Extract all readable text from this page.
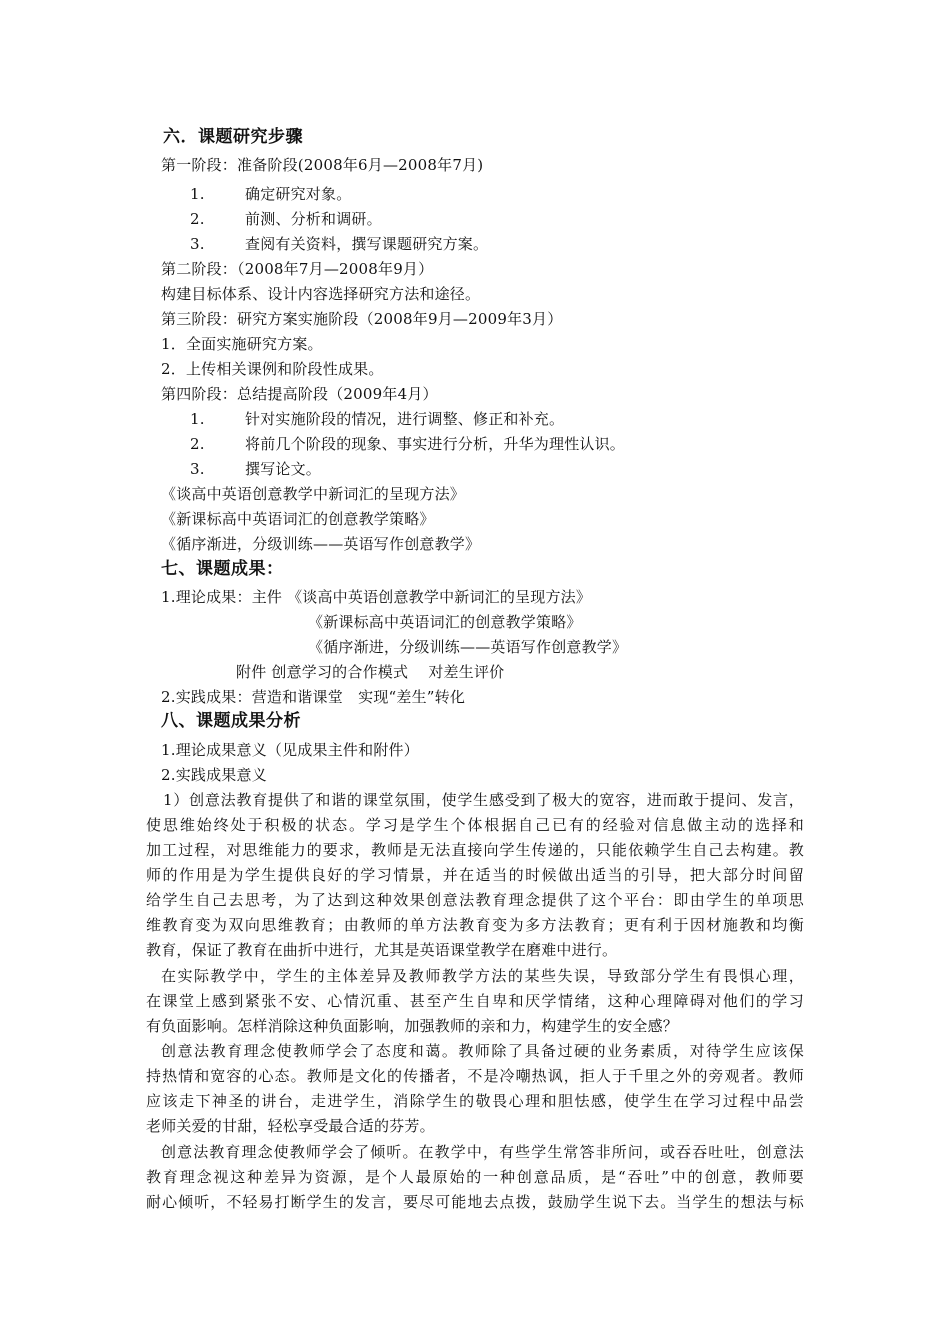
六．课题研究步骤
第一阶段：准备阶段(2008年6月—2008年7月)
1.	确定研究对象。
2.	前测、分析和调研。
3.	查阅有关资料，撰写课题研究方案。
第二阶段：（2008年7月—2008年9月）
构建目标体系、设计内容选择研究方法和途径。
第三阶段：研究方案实施阶段（2008年9月—2009年3月）
1．全面实施研究方案。
2．上传相关课例和阶段性成果。
第四阶段：总结提高阶段（2009年4月）
1.	针对实施阶段的情况，进行调整、修正和补充。
2.	将前几个阶段的现象、事实进行分析，升华为理性认识。
3.	撰写论文。
《谈高中英语创意教学中新词汇的呈现方法》
《新课标高中英语词汇的创意教学策略》
《循序渐进，分级训练——英语写作创意教学》
七、课题成果：
1.理论成果：主件 《谈高中英语创意教学中新词汇的呈现方法》
《新课标高中英语词汇的创意教学策略》
《循序渐进，分级训练——英语写作创意教学》
附件 创意学习的合作模式　 对差生评价
2.实践成果：营造和谐课堂　实现“差生”转化
八、课题成果分析
1.理论成果意义（见成果主件和附件）
2.实践成果意义
1）创意法教育提供了和谐的课堂氛围，使学生感受到了极大的宽容，进而敢于提问、发言，
使思维始终处于积极的状态。学习是学生个体根据自己已有的经验对信息做主动的选择和
加工过程，对思维能力的要求，教师是无法直接向学生传递的，只能依赖学生自己去构建。教
师的作用是为学生提供良好的学习情景，并在适当的时候做出适当的引导，把大部分时间留
给学生自己去思考，为了达到这种效果创意法教育理念提供了这个平台：即由学生的单项思
维教育变为双向思维教育；由教师的单方法教育变为多方法教育；更有利于因材施教和均衡
教育，保证了教育在曲折中进行，尤其是英语课堂教学在磨难中进行。
在实际教学中，学生的主体差异及教师教学方法的某些失误，导致部分学生有畏惧心理，
在课堂上感到紧张不安、心情沉重、甚至产生自卑和厌学情绪，这种心理障碍对他们的学习
有负面影响。怎样消除这种负面影响，加强教师的亲和力，构建学生的安全感？
创意法教育理念使教师学会了态度和蔼。教师除了具备过硬的业务素质，对待学生应该保
持热情和宽容的心态。教师是文化的传播者，不是冷嘲热讽，拒人于千里之外的旁观者。教师
应该走下神圣的讲台，走进学生，消除学生的敬畏心理和胆怯感，使学生在学习过程中品尝
老师关爱的甘甜，轻松享受最合适的芬芳。
创意法教育理念使教师学会了倾听。在教学中，有些学生常答非所问，或吞吞吐吐，创意法
教育理念视这种差异为资源，是个人最原始的一种创意品质，是“吞吐”中的创意，教师要
耐心倾听，不轻易打断学生的发言，要尽可能地去点拨，鼓励学生说下去。当学生的想法与标
